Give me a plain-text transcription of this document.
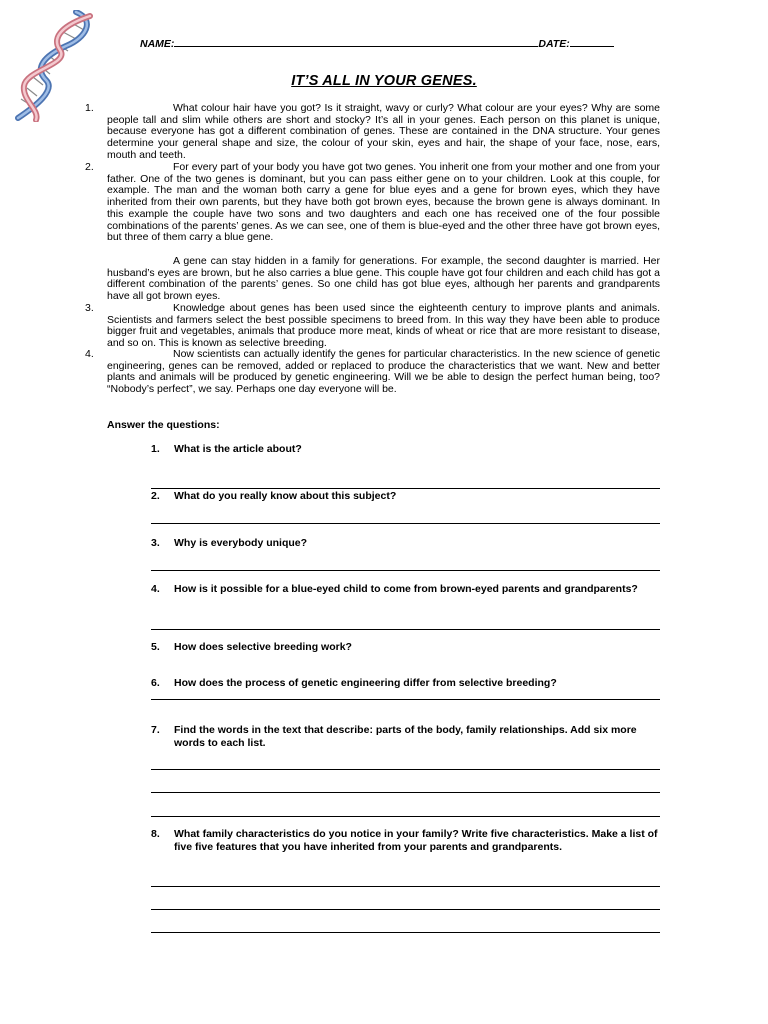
NAME:	DATE:
IT’S ALL IN YOUR GENES.
1.	What colour hair have you got? Is it straight, wavy or curly? What colour are your eyes? Why are some people tall and slim while others are short and stocky? It’s all in your genes. Each person on this planet is unique, because everyone has got a different combination of genes. These are contained in the DNA structure. Your genes determine your general shape and size, the colour of your skin, eyes and hair, the shape of your face, nose, ears, mouth and teeth.
2.	For every part of your body you have got two genes. You inherit one from your mother and one from your father. One of the two genes is dominant, but you can pass either gene on to your children. Look at this couple, for example. The man and the woman both carry a gene for blue eyes and a gene for brown eyes, which they have inherited from their own parents, but they have both got brown eyes, because the brown gene is always dominant. In this example the couple have two sons and two daughters and each one has received one of the four possible combinations of the parents’ genes. As we can see, one of them is blue-eyed and the other three have got brown eyes, but three of them carry a blue gene.
A gene can stay hidden in a family for generations. For example, the second daughter is married. Her husband’s eyes are brown, but he also carries a blue gene. This couple have got four children and each child has got a different combination of the parents’ genes. So one child has got blue eyes, although her parents and grandparents have all got brown eyes.
3.	Knowledge about genes has been used since the eighteenth century to improve plants and animals. Scientists and farmers select the best possible specimens to breed from. In this way they have been able to produce bigger fruit and vegetables, animals that produce more meat, kinds of wheat or rice that are more resistant to disease, and so on. This is known as selective breeding.
4.	Now scientists can actually identify the genes for particular characteristics. In the new science of genetic engineering, genes can be removed, added or replaced to produce the characteristics that we want. New and better plants and animals will be produced by genetic engineering. Will we be able to design the perfect human being, too? “Nobody’s perfect”, we say. Perhaps one day everyone will be.
Answer the questions:
1. What is the article about?
2. What do you really know about this subject?
3. Why is everybody unique?
4. How is it possible for a blue-eyed child to come from brown-eyed parents and grandparents?
5. How does selective breeding work?
6. How does the process of genetic engineering differ from selective breeding?
7. Find the words in the text that describe: parts of the body, family relationships. Add six more words to each list.
8. What family characteristics do you notice in your family? Write five characteristics. Make a list of five five features that you have inherited from your parents and grandparents.
